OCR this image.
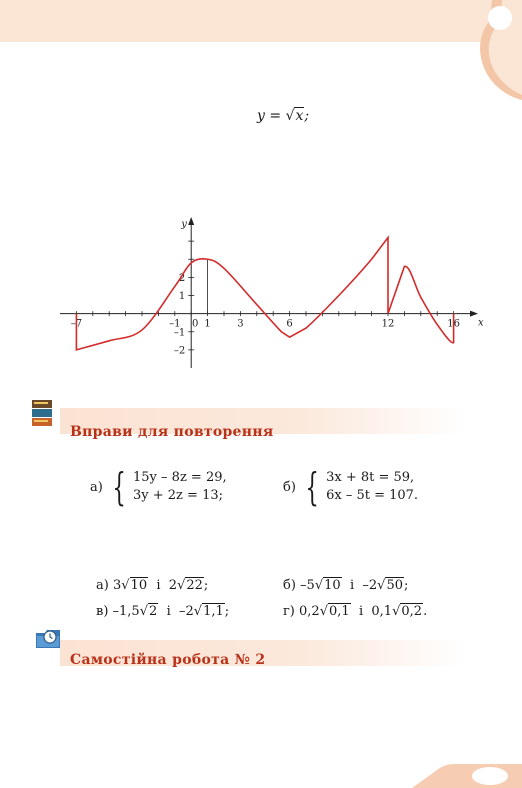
y = √x;
–7	–1 0 1	3	6	12	16
2
1
–1
–2
x
y
Вправи для повторення
а) { 15y – 8z = 29,
3y + 2z = 13;
б) { 3x + 8t = 59,
6x – 5t = 107.
а) 3√10 і 2√22;	б) –5√10 і –2√50;
в) –1,5√2 і –2√1,1;	г) 0,2√0,1 і 0,1√0,2.
Самостійна робота № 2
